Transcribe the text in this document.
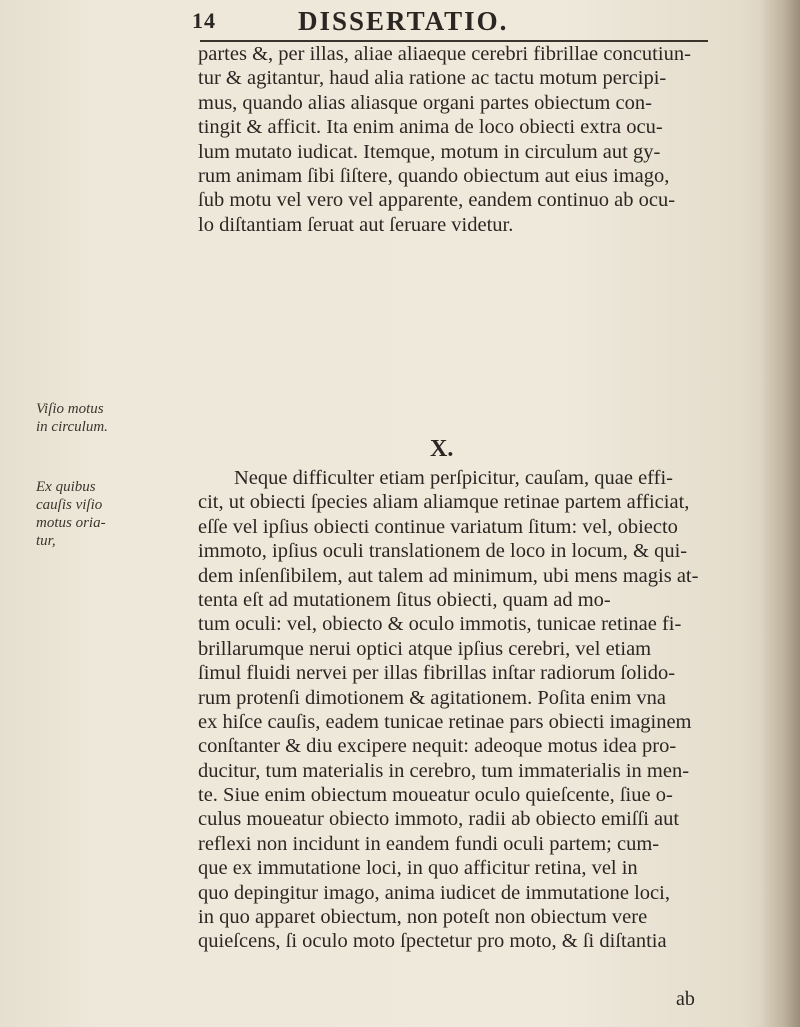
14	DISSERTATIO.
Viſio motus
in circulum.
Ex quibus
cauſis viſio
motus oria-
tur,
partes &, per illas, aliae aliaeque cerebri fibrillae concutiun-
tur & agitantur, haud alia ratione ac tactu motum percipi-
mus, quando alias aliasque organi partes obiectum con-
tingit & afficit. Ita enim anima de loco obiecti extra ocu-
lum mutato iudicat. Itemque, motum in circulum aut gy-
rum animam ſibi ſiſtere, quando obiectum aut eius imago,
ſub motu vel vero vel apparente, eandem continuo ab ocu-
lo diſtantiam ſeruat aut ſeruare videtur.
X.
Neque difficulter etiam perſpicitur, cauſam, quae effi-
cit, ut obiecti ſpecies aliam aliamque retinae partem afficiat,
eſſe vel ipſius obiecti continue variatum ſitum: vel, obiecto
immoto, ipſius oculi translationem de loco in locum, & qui-
dem inſenſibilem, aut talem ad minimum, ubi mens magis at-
tenta eſt ad mutationem ſitus obiecti, quam ad mo-
tum oculi: vel, obiecto & oculo immotis, tunicae retinae fi-
brillarumque nerui optici atque ipſius cerebri, vel etiam
ſimul fluidi nervei per illas fibrillas inſtar radiorum ſolido-
rum protenſi dimotionem & agitationem. Poſita enim vna
ex hiſce cauſis, eadem tunicae retinae pars obiecti imaginem
conſtanter & diu excipere nequit: adeoque motus idea pro-
ducitur, tum materialis in cerebro, tum immaterialis in men-
te. Siue enim obiectum moueatur oculo quieſcente, ſiue o-
culus moueatur obiecto immoto, radii ab obiecto emiſſi aut
reflexi non incidunt in eandem fundi oculi partem; cum-
que ex immutatione loci, in quo afficitur retina, vel in
quo depingitur imago, anima iudicet de immutatione loci,
in quo apparet obiectum, non poteſt non obiectum vere
quieſcens, ſi oculo moto ſpectetur pro moto, & ſi diſtantia
ab
